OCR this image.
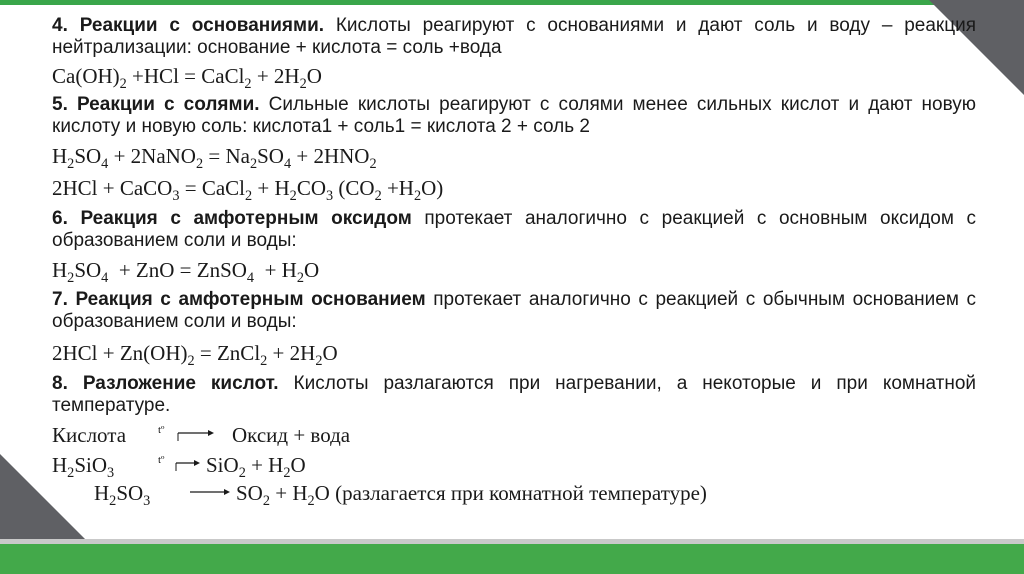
4. Реакции с основаниями. Кислоты реагируют с основаниями и дают соль и воду – реакция нейтрализации: основание + кислота = соль +вода

$Ca(OH)_2 +HCl$ = CaCl$_2$ + $2H_2O$

5. Реакции с солями. Сильные кислоты реагируют с солями менее сильных кислот и дают новую кислоту и новую соль: кислота1 + соль1 = кислота 2 + соль 2

$H_2SO_4$ + 2NaNO$_2$ = $Na_2SO_4 + 2HNO_2$

2HCl + CaCO$_3$ = CaCl$_2$ + $H_2CO_3$ $(CO_2 +H_2O)$

6. Реакция с амфотерным оксидом протекает аналогично с реакцией с основным оксидом с образованием соли и воды:

$H_2SO_4$  + ZnO = ZnSO$_4$  + $H_2O$

7. Реакция с амфотерным основанием протекает аналогично с реакцией с обычным основанием с образованием соли и воды:

$2HCl + Zn(OH)_2$ = ZnCl$_2$ + $2H_2O$

8. Разложение кислот. Кислоты разлагаются при нагревании, а некоторые и при комнатной температуре.

Кислота	tº	Оксид + вода

$H_2SiO_3$
tº $SiO_2 + H_2O$

$H_2SO_3 \to SO_2 + H_2O$ (разлагается при комнатной температуре)
